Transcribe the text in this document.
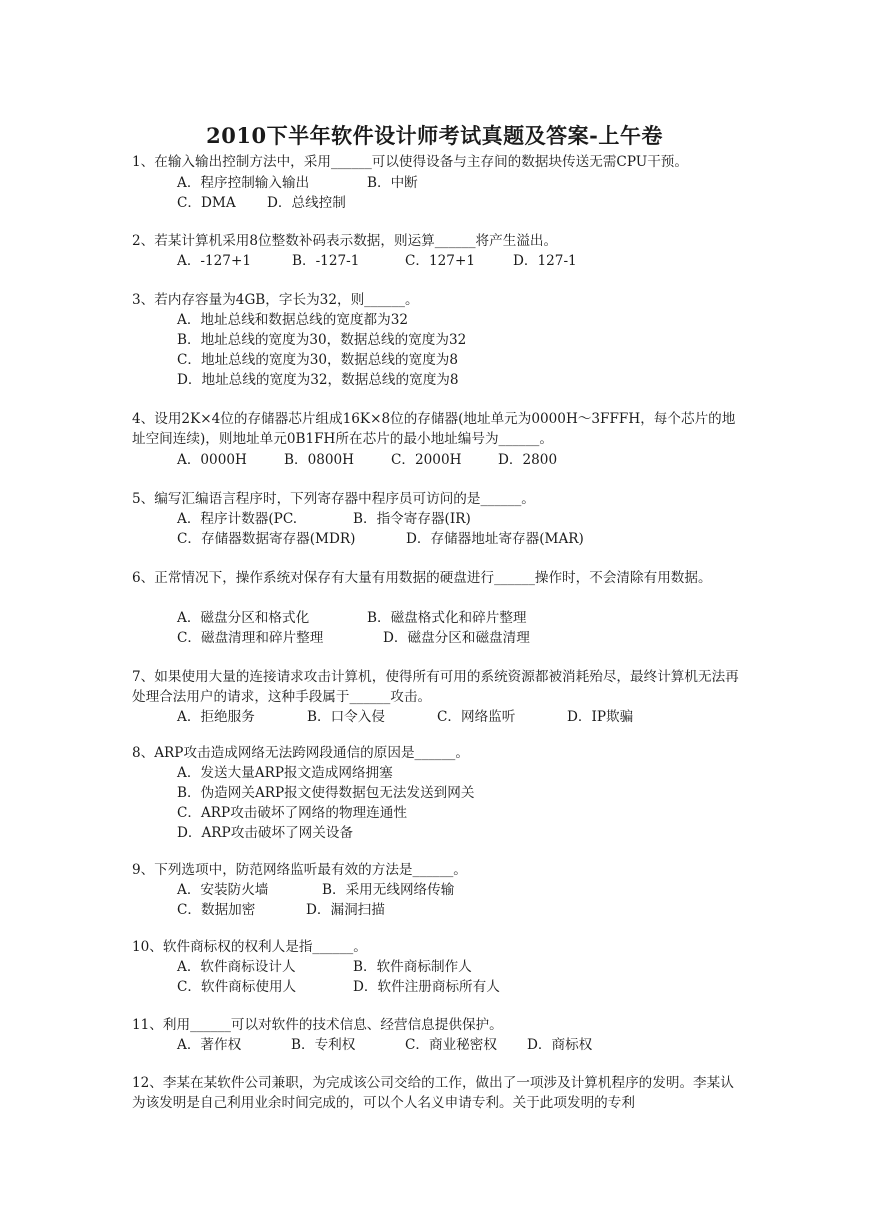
2010下半年软件设计师考试真题及答案-上午卷
1、在输入输出控制方法中，采用______可以使得设备与主存间的数据块传送无需CPU干预。
A．程序控制输入输出	B．中断
C．DMA D．总线控制
2、若某计算机采用8位整数补码表示数据，则运算______将产生溢出。
A．-127+1	B．-127-1	C．127+1	D．127-1
3、若内存容量为4GB，字长为32，则______。
A．地址总线和数据总线的宽度都为32
B．地址总线的宽度为30，数据总线的宽度为32
C．地址总线的宽度为30，数据总线的宽度为8
D．地址总线的宽度为32，数据总线的宽度为8
4、设用2K×4位的存储器芯片组成16K×8位的存储器(地址单元为0000H～3FFFH，每个芯片的地址空间连续)，则地址单元0B1FH所在芯片的最小地址编号为______。
A．0000H	B．0800H	C．2000H	D．2800
5、编写汇编语言程序时，下列寄存器中程序员可访问的是______。
A．程序计数器(PC.	B．指令寄存器(IR)
C．存储器数据寄存器(MDR)	D．存储器地址寄存器(MAR)
6、正常情况下，操作系统对保存有大量有用数据的硬盘进行______操作时，不会清除有用数据。
A．磁盘分区和格式化	B．磁盘格式化和碎片整理
C．磁盘清理和碎片整理	D．磁盘分区和磁盘清理
7、如果使用大量的连接请求攻击计算机，使得所有可用的系统资源都被消耗殆尽，最终计算机无法再处理合法用户的请求，这种手段属于______攻击。
A．拒绝服务	B．口令入侵	C．网络监听	D．IP欺骗
8、ARP攻击造成网络无法跨网段通信的原因是______。
A．发送大量ARP报文造成网络拥塞
B．伪造网关ARP报文使得数据包无法发送到网关
C．ARP攻击破坏了网络的物理连通性
D．ARP攻击破坏了网关设备
9、下列选项中，防范网络监听最有效的方法是______。
A．安装防火墙	B．采用无线网络传输
C．数据加密	D．漏洞扫描
10、软件商标权的权利人是指______。
A．软件商标设计人	B．软件商标制作人
C．软件商标使用人	D．软件注册商标所有人
11、利用______可以对软件的技术信息、经营信息提供保护。
A．著作权	B．专利权	C．商业秘密权 D．商标权
12、李某在某软件公司兼职，为完成该公司交给的工作，做出了一项涉及计算机程序的发明。李某认为该发明是自己利用业余时间完成的，可以个人名义申请专利。关于此项发明的专利
